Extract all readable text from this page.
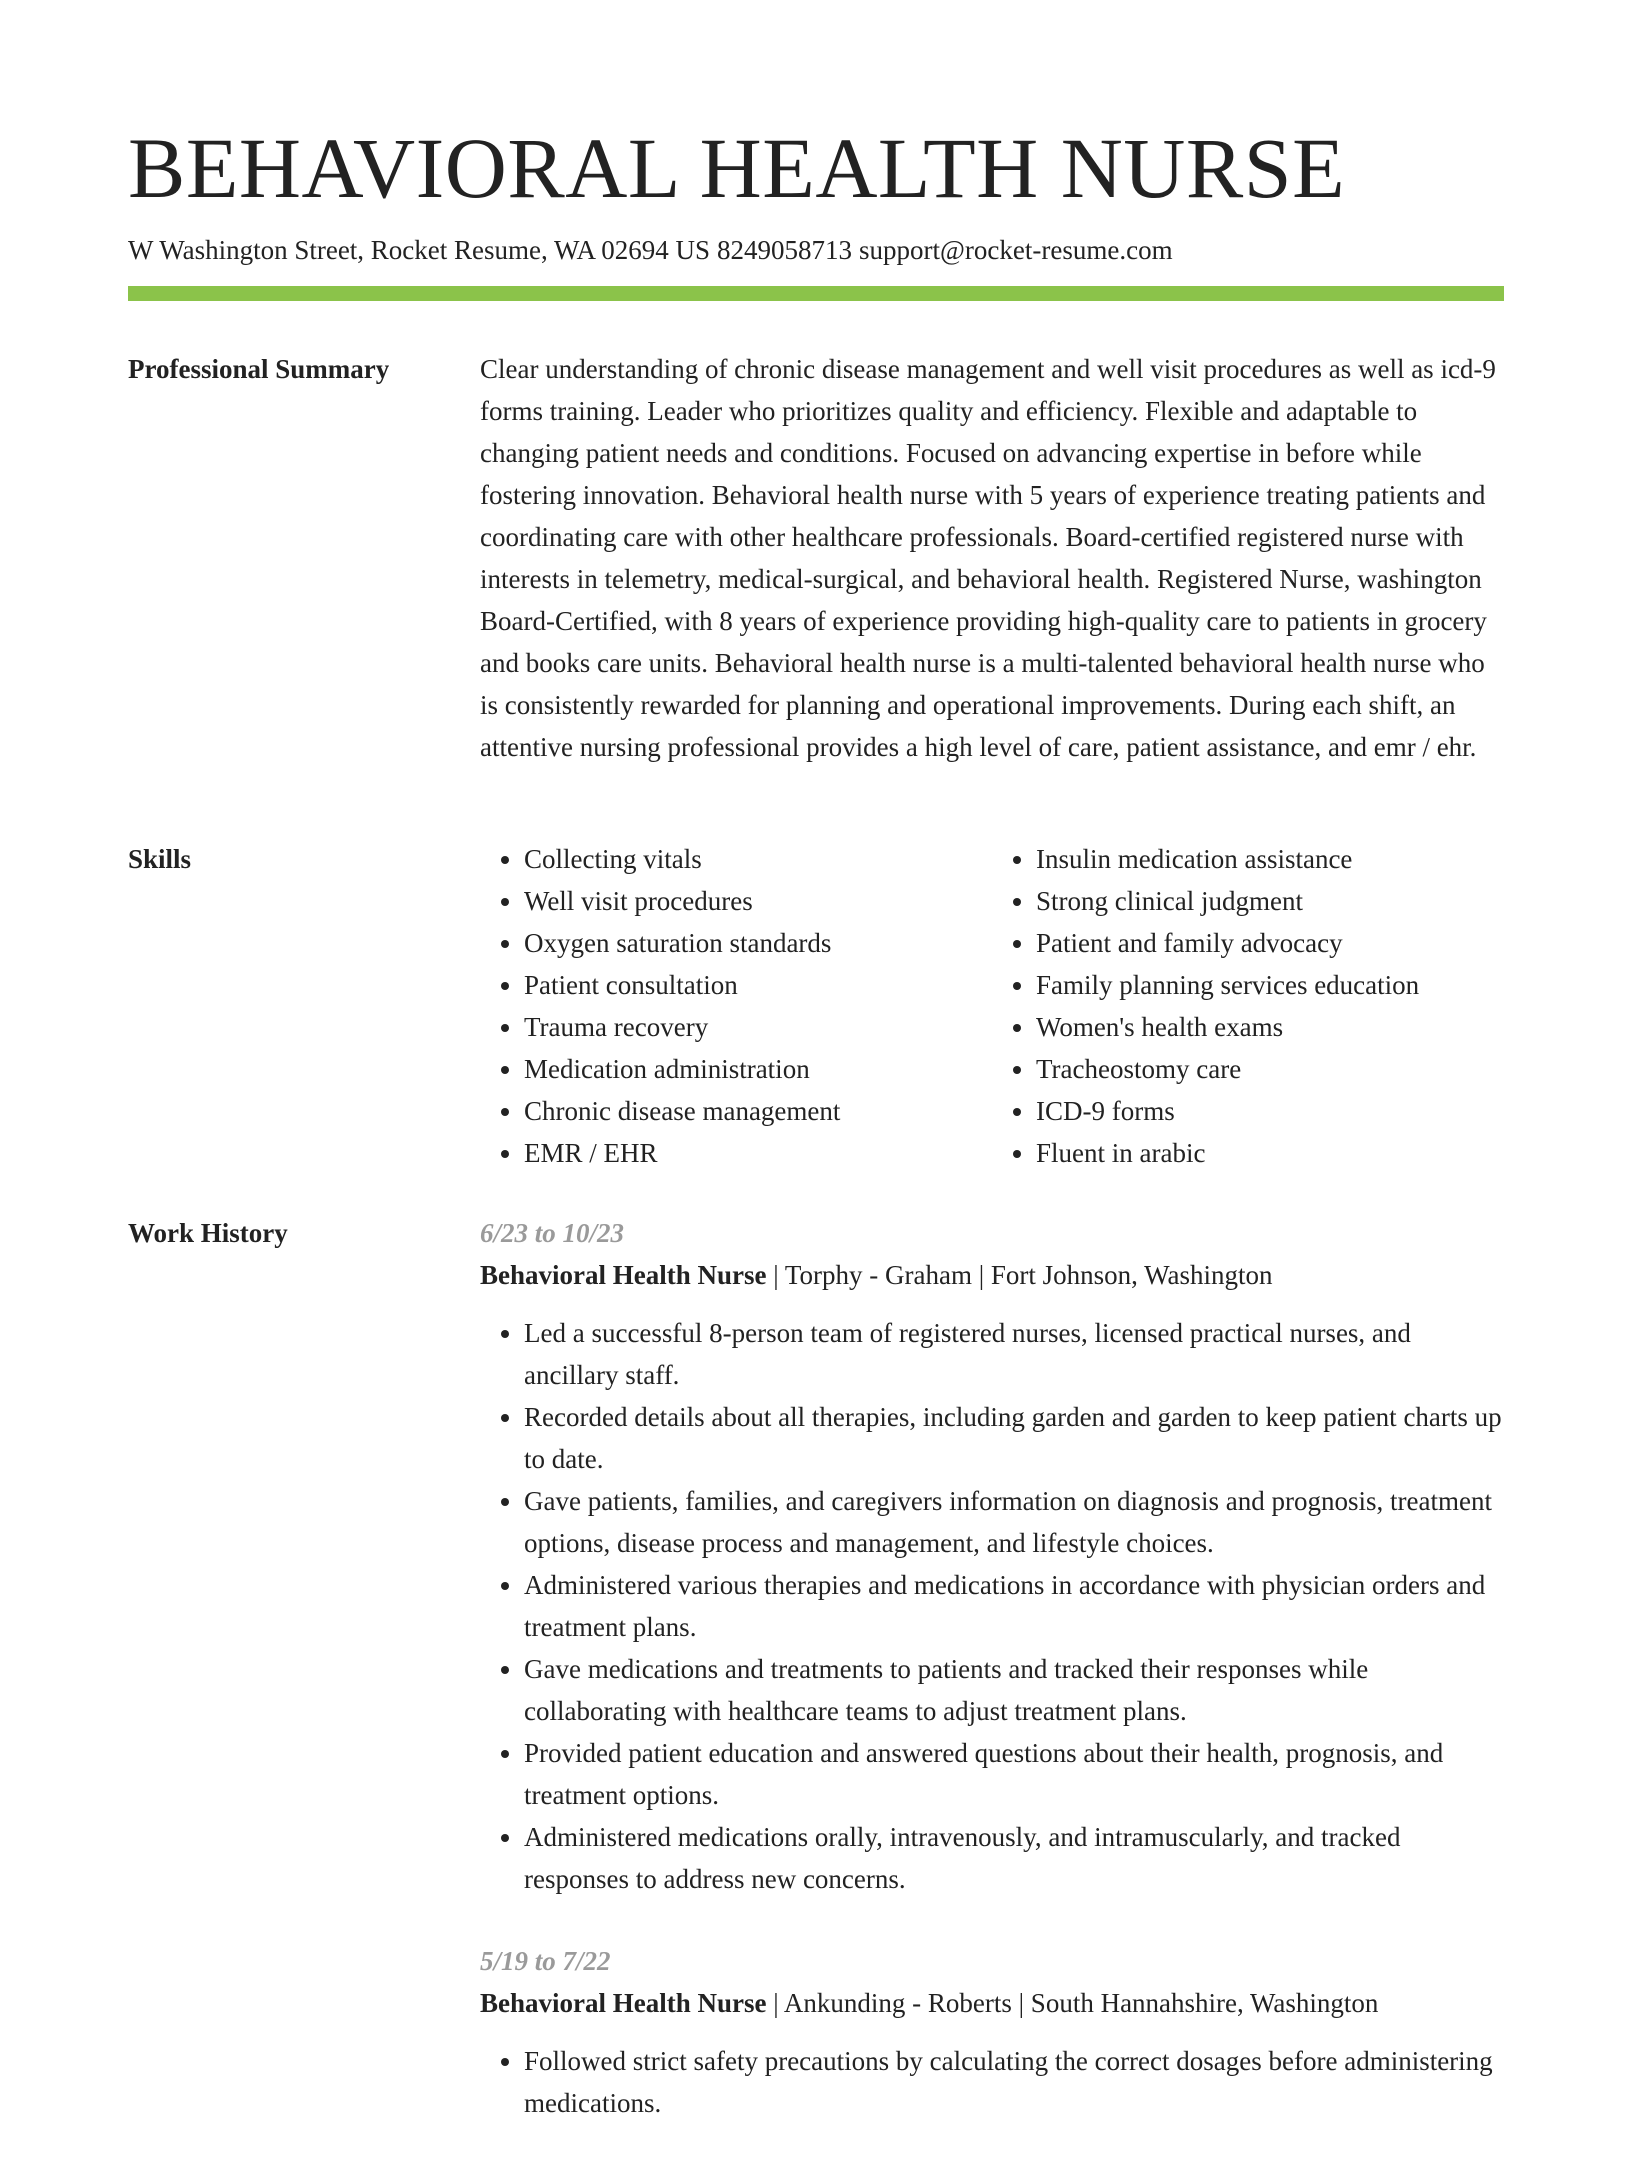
BEHAVIORAL HEALTH NURSE
W Washington Street, Rocket Resume, WA 02694 US 8249058713 support@rocket-resume.com
Professional Summary	Clear understanding of chronic disease management and well visit procedures as well as icd-9 forms training. Leader who prioritizes quality and efficiency. Flexible and adaptable to changing patient needs and conditions. Focused on advancing expertise in before while fostering innovation. Behavioral health nurse with 5 years of experience treating patients and coordinating care with other healthcare professionals. Board-certified registered nurse with interests in telemetry, medical-surgical, and behavioral health. Registered Nurse, washington Board-Certified, with 8 years of experience providing high-quality care to patients in grocery and books care units. Behavioral health nurse is a multi-talented behavioral health nurse who is consistently rewarded for planning and operational improvements. During each shift, an attentive nursing professional provides a high level of care, patient assistance, and emr / ehr.

Skills
•	Collecting vitals
• Well visit procedures
• Oxygen saturation standards
• Patient consultation
• Trauma recovery
• Medication administration
• Chronic disease management
• EMR / EHR
• Insulin medication assistance
• Strong clinical judgment
• Patient and family advocacy
• Family planning services education
• Women's health exams
• Tracheostomy care
• ICD-9 forms
• Fluent in arabic
Work History	6/23 to 10/23
Behavioral Health Nurse | Torphy - Graham | Fort Johnson, Washington
• Led a successful 8-person team of registered nurses, licensed practical nurses, and ancillary staff.
• Recorded details about all therapies, including garden and garden to keep patient charts up to date.
• Gave patients, families, and caregivers information on diagnosis and prognosis, treatment options, disease process and management, and lifestyle choices.
• Administered various therapies and medications in accordance with physician orders and treatment plans.
• Gave medications and treatments to patients and tracked their responses while collaborating with healthcare teams to adjust treatment plans.
• Provided patient education and answered questions about their health, prognosis, and treatment options.
• Administered medications orally, intravenously, and intramuscularly, and tracked responses to address new concerns.
5/19 to 7/22
Behavioral Health Nurse | Ankunding - Roberts | South Hannahshire, Washington
• Followed strict safety precautions by calculating the correct dosages before administering medications.
